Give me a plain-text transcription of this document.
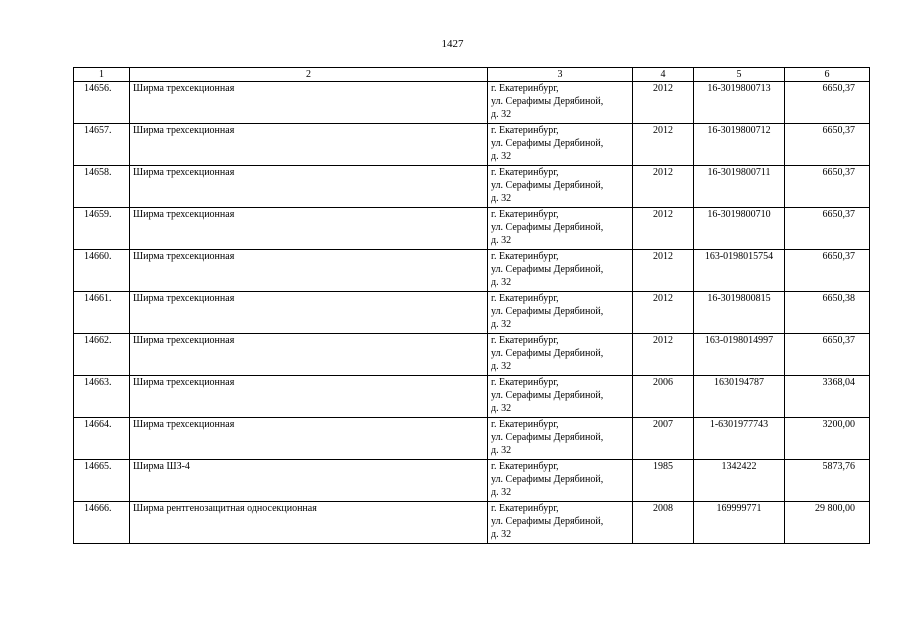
1427
1	2	3	4	5	6
14656.	Ширма трехсекционная	г. Екатеринбург,
ул. Серафимы Дерябиной,
д. 32	2012	16-3019800713	6650,37
14657.	Ширма трехсекционная	г. Екатеринбург,
ул. Серафимы Дерябиной,
д. 32	2012	16-3019800712	6650,37
14658.	Ширма трехсекционная	г. Екатеринбург,
ул. Серафимы Дерябиной,
д. 32	2012	16-3019800711	6650,37
14659.	Ширма трехсекционная	г. Екатеринбург,
ул. Серафимы Дерябиной,
д. 32	2012	16-3019800710	6650,37
14660.	Ширма трехсекционная	г. Екатеринбург,
ул. Серафимы Дерябиной,
д. 32	2012	163-0198015754	6650,37
14661.	Ширма трехсекционная	г. Екатеринбург,
ул. Серафимы Дерябиной,
д. 32	2012	16-3019800815	6650,38
14662.	Ширма трехсекционная	г. Екатеринбург,
ул. Серафимы Дерябиной,
д. 32	2012	163-0198014997	6650,37
14663.	Ширма трехсекционная	г. Екатеринбург,
ул. Серафимы Дерябиной,
д. 32	2006	1630194787	3368,04
14664.	Ширма трехсекционная	г. Екатеринбург,
ул. Серафимы Дерябиной,
д. 32	2007	1-6301977743	3200,00
14665.	Ширма ШЗ-4	г. Екатеринбург,
ул. Серафимы Дерябиной,
д. 32	1985	1342422	5873,76
14666.	Ширма рентгенозащитная односекционная	г. Екатеринбург,
ул. Серафимы Дерябиной,
д. 32	2008	169999771	29 800,00
